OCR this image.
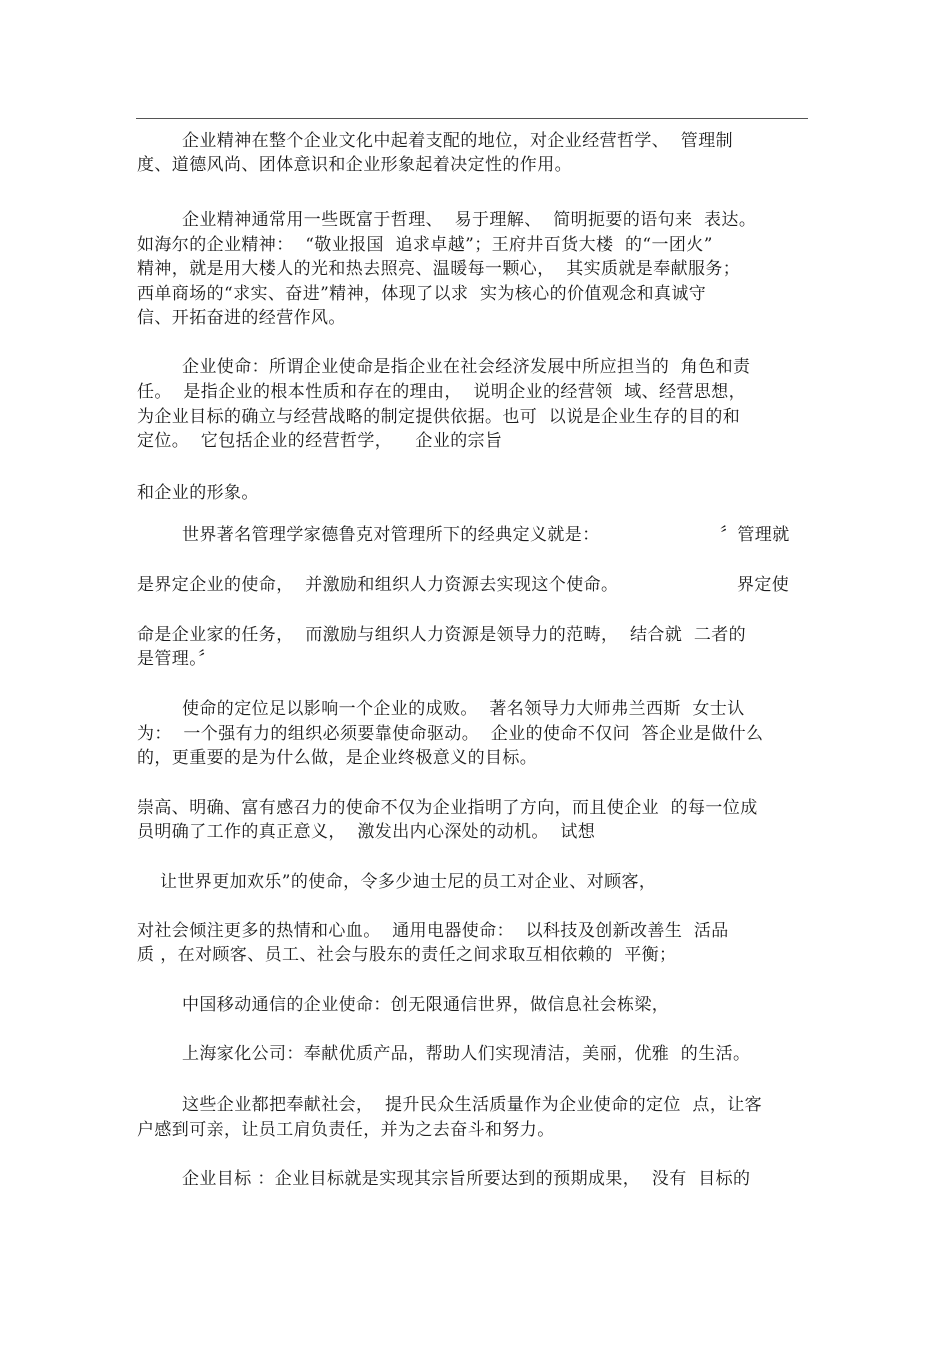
企业精神在整个企业文化中起着支配的地位，对企业经营哲学、  管理制

度、道德风尚、团体意识和企业形象起着决定性的作用。

企业精神通常用一些既富于哲理、  易于理解、  简明扼要的语句来  表达。

如海尔的企业精神：  “敬业报国  追求卓越”；王府井百货大楼  的“一团火”

精神，就是用大楼人的光和热去照亮、温暖每一颗心，  其实质就是奉献服务；

西单商场的“求实、奋进”精神，体现了以求  实为核心的价值观念和真诚守

信、开拓奋进的经营作风。

企业使命：所谓企业使命是指企业在社会经济发展中所应担当的  角色和责

任。  是指企业的根本性质和存在的理由，  说明企业的经营领  域、经营思想，

为企业目标的确立与经营战略的制定提供依据。也可  以说是企业生存的目的和

定位。  它包括企业的经营哲学，    企业的宗旨

和企业的形象。

世界著名管理学家德鲁克对管理所下的经典定义就是：	〞管理就

是界定企业的使命，  并激励和组织人力资源去实现这个使命。	界定使

命是企业家的任务，  而激励与组织人力资源是领导力的范畴，  结合就  二者的

是管理。〞

使命的定位足以影响一个企业的成败。  著名领导力大师弗兰西斯  女士认

为：  一个强有力的组织必须要靠使命驱动。  企业的使命不仅问  答企业是做什么

的，更重要的是为什么做，是企业终极意义的目标。

崇高、明确、富有感召力的使命不仅为企业指明了方向，而且使企业  的每一位成

员明确了工作的真正意义，  激发出内心深处的动机。  试想

让世界更加欢乐”的使命，令多少迪士尼的员工对企业、对顾客，

对社会倾注更多的热情和心血。  通用电器使命：  以科技及创新改善生  活品

质 ，在对顾客、员工、社会与股东的责任之间求取互相依赖的  平衡；

中国移动通信的企业使命：创无限通信世界，做信息社会栋梁，

上海家化公司：奉献优质产品，帮助人们实现清洁，美丽，优雅  的生活。

这些企业都把奉献社会，  提升民众生活质量作为企业使命的定位  点，让客

户感到可亲，让员工肩负责任，并为之去奋斗和努力。

企业目标 ：企业目标就是实现其宗旨所要达到的预期成果，  没有  目标的
